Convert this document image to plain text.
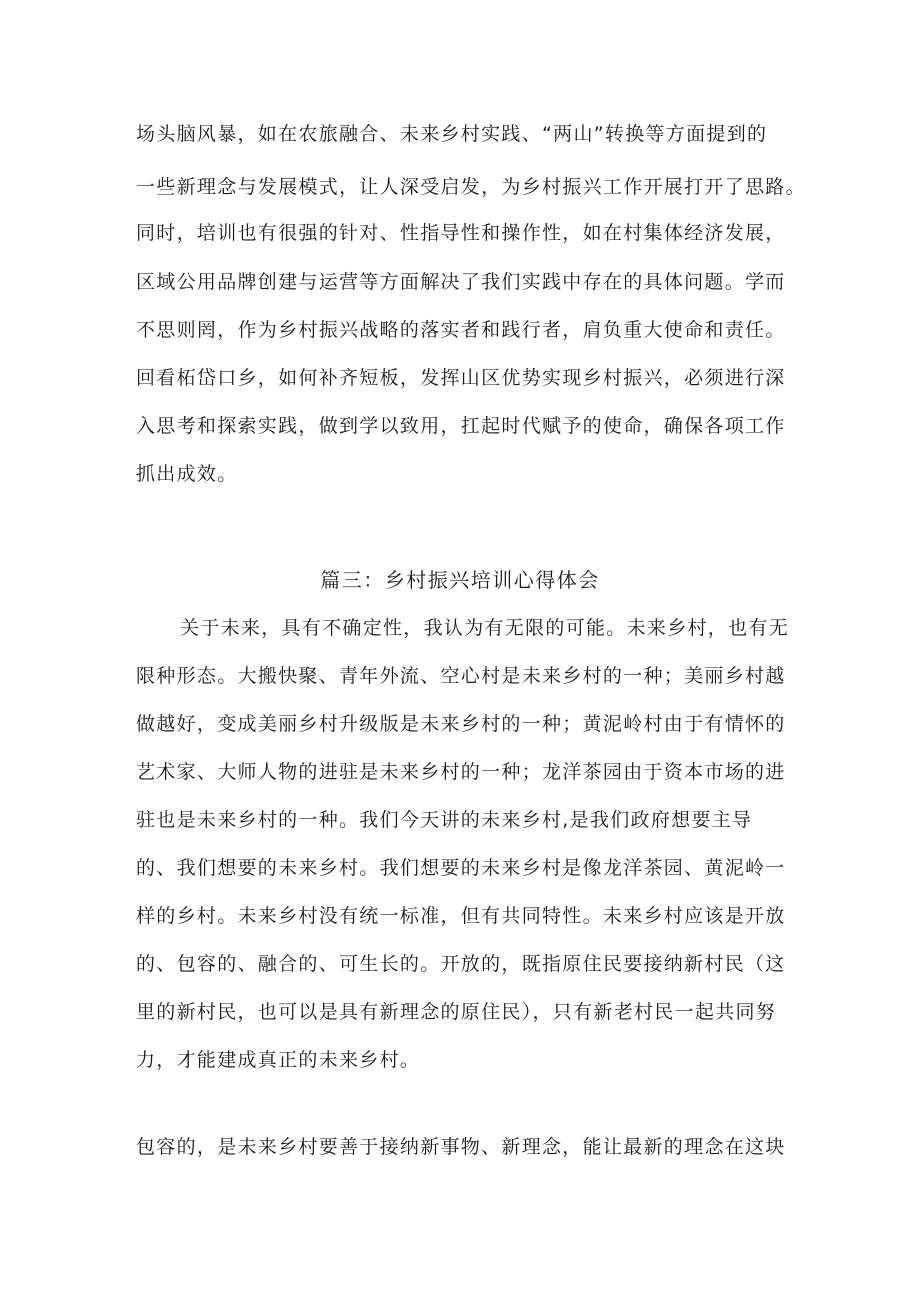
场头脑风暴，如在农旅融合、未来乡村实践、“两山”转换等方面提到的
一些新理念与发展模式，让人深受启发，为乡村振兴工作开展打开了思路。
同时，培训也有很强的针对、性指导性和操作性，如在村集体经济发展，
区域公用品牌创建与运营等方面解决了我们实践中存在的具体问题。学而
不思则罔，作为乡村振兴战略的落实者和践行者，肩负重大使命和责任。
回看柘岱口乡，如何补齐短板，发挥山区优势实现乡村振兴，必须进行深
入思考和探索实践，做到学以致用，扛起时代赋予的使命，确保各项工作
抓出成效。
篇三：乡村振兴培训心得体会
关于未来，具有不确定性，我认为有无限的可能。未来乡村，也有无
限种形态。大搬快聚、青年外流、空心村是未来乡村的一种；美丽乡村越
做越好，变成美丽乡村升级版是未来乡村的一种；黄泥岭村由于有情怀的
艺术家、大师人物的进驻是未来乡村的一种；龙洋茶园由于资本市场的进
驻也是未来乡村的一种。我们今天讲的未来乡村,是我们政府想要主导
的、我们想要的未来乡村。我们想要的未来乡村是像龙洋茶园、黄泥岭一
样的乡村。未来乡村没有统一标准，但有共同特性。未来乡村应该是开放
的、包容的、融合的、可生长的。开放的，既指原住民要接纳新村民（这
里的新村民，也可以是具有新理念的原住民），只有新老村民一起共同努
力，才能建成真正的未来乡村。
包容的，是未来乡村要善于接纳新事物、新理念，能让最新的理念在这块
